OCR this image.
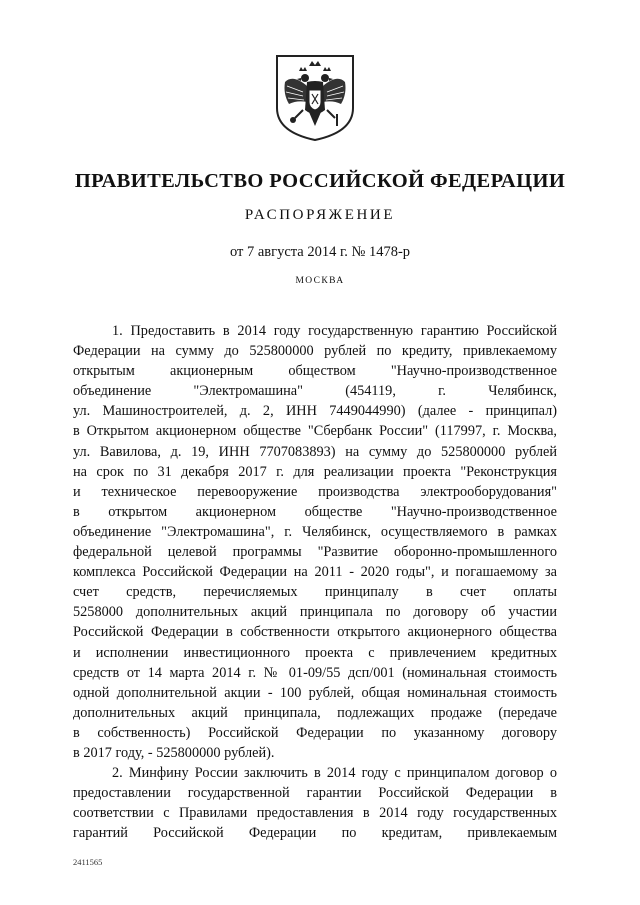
ПРАВИТЕЛЬСТВО РОССИЙСКОЙ ФЕДЕРАЦИИ
РАСПОРЯЖЕНИЕ
от 7 августа 2014 г. № 1478-р
МОСКВА
1. Предоставить в 2014 году государственную гарантию Российской
Федерации на сумму до 525800000 рублей по кредиту, привлекаемому
открытым акционерным обществом "Научно-производственное
объединение "Электромашина" (454119, г. Челябинск,
ул. Машиностроителей, д. 2, ИНН 7449044990) (далее - принципал)
в Открытом акционерном обществе "Сбербанк России" (117997, г. Москва,
ул. Вавилова, д. 19, ИНН 7707083893) на сумму до 525800000 рублей
на срок по 31 декабря 2017 г. для реализации проекта "Реконструкция
и техническое перевооружение производства электрооборудования"
в открытом акционерном обществе "Научно-производственное
объединение "Электромашина", г. Челябинск, осуществляемого в рамках
федеральной целевой программы "Развитие оборонно-промышленного
комплекса Российской Федерации на 2011 - 2020 годы", и погашаемому за
счет средств, перечисляемых принципалу в счет оплаты
5258000 дополнительных акций принципала по договору об участии
Российской Федерации в собственности открытого акционерного общества
и исполнении инвестиционного проекта с привлечением кредитных
средств от 14 марта 2014 г. № 01-09/55 дсп/001 (номинальная стоимость
одной дополнительной акции - 100 рублей, общая номинальная стоимость
дополнительных акций принципала, подлежащих продаже (передаче
в собственность) Российской Федерации по указанному договору
в 2017 году, - 525800000 рублей).
2. Минфину России заключить в 2014 году с принципалом договор о
предоставлении государственной гарантии Российской Федерации в
соответствии с Правилами предоставления в 2014 году государственных
гарантий Российской Федерации по кредитам, привлекаемым
2411565
